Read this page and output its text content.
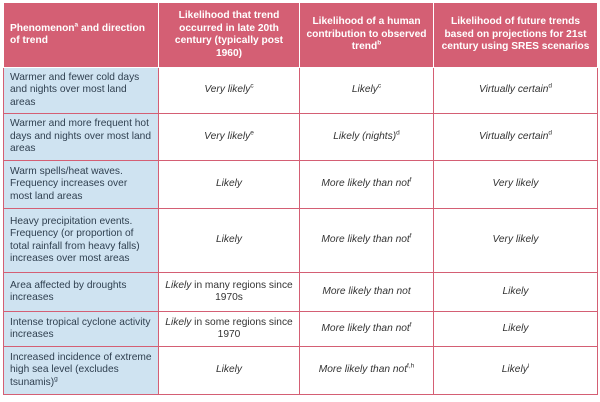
Phenomenon$^a$ and direction of trend	Likelihood that trend occurred in late 20th century (typically post 1960)	Likelihood of a human contribution to observed trend$^b$	Likelihood of future trends based on projections for 21st century using SRES scenarios
Warmer and fewer cold days and nights over most land areas	Very likely$^c$	Likely$^c$	Virtually certain$^d$
Warmer and more frequent hot days and nights over most land areas	Very likely$^e$	Likely (nights)$^d$	Virtually certain$^d$
Warm spells/heat waves. Frequency increases over most land areas	Likely	More likely than not$^f$	Very likely
Heavy precipitation events. Frequency (or proportion of total rainfall from heavy falls) increases over most areas	Likely	More likely than not$^f$	Very likely
Area affected by droughts increases	Likely in many regions since 1970s	More likely than not	Likely
Intense tropical cyclone activity increases	Likely in some regions since 1970	More likely than not$^f$	Likely
Increased incidence of extreme high sea level (excludes tsunamis)$^g$	Likely	More likely than not$^{f,h}$	Likely$^i$
